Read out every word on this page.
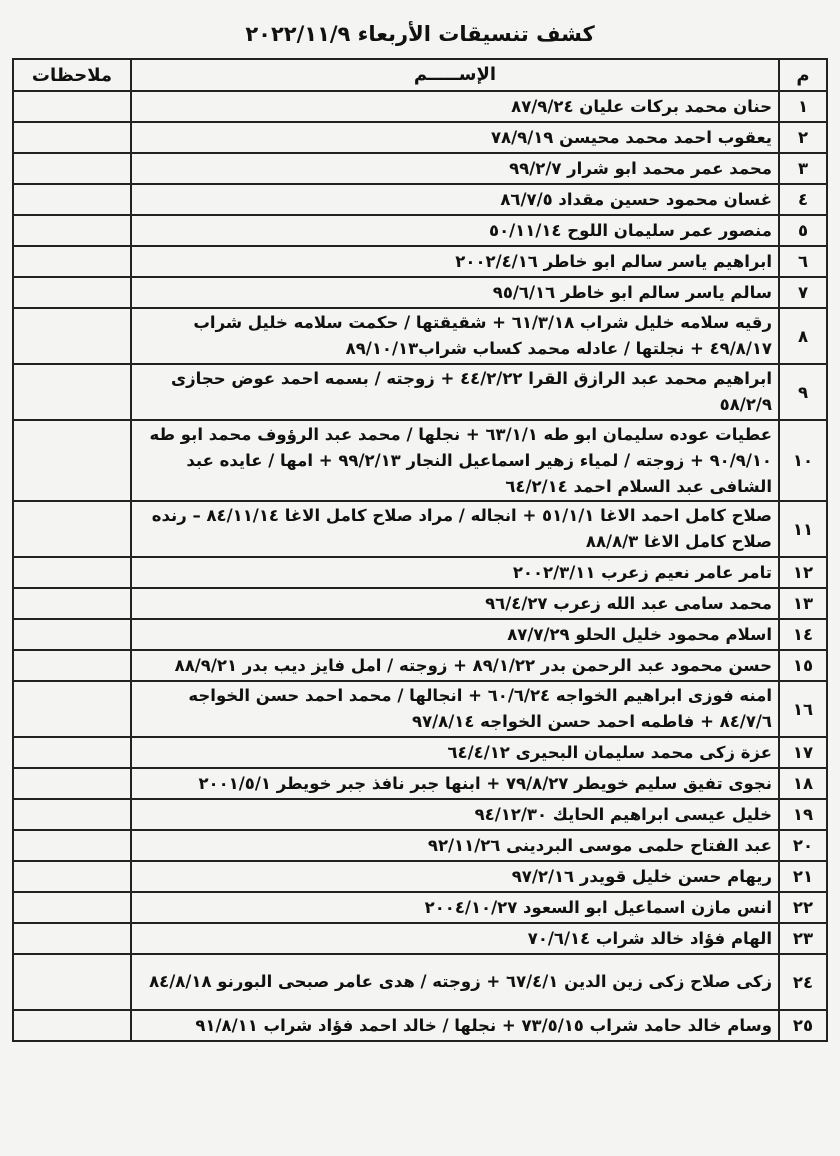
كشف تنسيقات الأربعاء ٢٠٢٢/١١/٩
م	الإســـــم	ملاحظات
١	حنان محمد بركات عليان ٨٧/٩/٢٤	
٢	يعقوب احمد محمد محيسن ٧٨/٩/١٩	
٣	محمد عمر محمد ابو شرار ٩٩/٢/٧	
٤	غسان محمود حسين مقداد ٨٦/٧/٥	
٥	منصور عمر سليمان اللوح ٥٠/١١/١٤	
٦	ابراهيم ياسر سالم ابو خاطر ٢٠٠٢/٤/١٦	
٧	سالم ياسر سالم ابو خاطر ٩٥/٦/١٦	
٨	رقيه سلامه خليل شراب ٦١/٣/١٨ + شقيقتها / حكمت سلامه خليل شراب ٤٩/٨/١٧ + نجلتها / عادله محمد كساب شراب٨٩/١٠/١٣	
٩	ابراهيم محمد عبد الرازق القرا ٤٤/٢/٢٢ + زوجته / بسمه احمد عوض حجازى ٥٨/٢/٩	
١٠	عطيات عوده سليمان ابو طه ٦٣/١/١ + نجلها / محمد عبد الرؤوف محمد ابو طه ٩٠/٩/١٠ + زوجته / لمياء زهير اسماعيل النجار ٩٩/٢/١٣ + امها / عايده عبد الشافى عبد السلام احمد ٦٤/٢/١٤	
١١	صلاح كامل احمد الاغا ٥١/١/١ + انجاله / مراد صلاح كامل الاغا ٨٤/١١/١٤ – رنده صلاح كامل الاغا ٨٨/٨/٣	
١٢	تامر عامر نعيم زعرب ٢٠٠٢/٣/١١	
١٣	محمد سامى عبد الله زعرب ٩٦/٤/٢٧	
١٤	اسلام محمود خليل الحلو ٨٧/٧/٢٩	
١٥	حسن محمود عبد الرحمن بدر ٨٩/١/٢٢ + زوجته / امل فايز ديب بدر ٨٨/٩/٢١	
١٦	امنه فوزى ابراهيم الخواجه ٦٠/٦/٢٤ + انجالها / محمد احمد حسن الخواجه ٨٤/٧/٦ + فاطمه احمد حسن الخواجه ٩٧/٨/١٤	
١٧	عزة زكى محمد سليمان البحيرى ٦٤/٤/١٢	
١٨	نجوى تفيق سليم خويطر ٧٩/٨/٢٧ + ابنها جبر نافذ جبر خويطر ٢٠٠١/٥/١	
١٩	خليل عيسى ابراهيم الحايك ٩٤/١٢/٣٠	
٢٠	عبد الفتاح حلمى موسى البردينى ٩٢/١١/٢٦	
٢١	ريهام حسن خليل قويدر ٩٧/٢/١٦	
٢٢	انس مازن اسماعيل ابو السعود ٢٠٠٤/١٠/٢٧	
٢٣	الهام فؤاد خالد شراب ٧٠/٦/١٤	
٢٤	زكى صلاح زكى زين الدين ٦٧/٤/١ + زوجته / هدى عامر صبحى البورنو ٨٤/٨/١٨	
٢٥	وسام خالد حامد شراب ٧٣/٥/١٥ + نجلها / خالد احمد فؤاد شراب ٩١/٨/١١	
